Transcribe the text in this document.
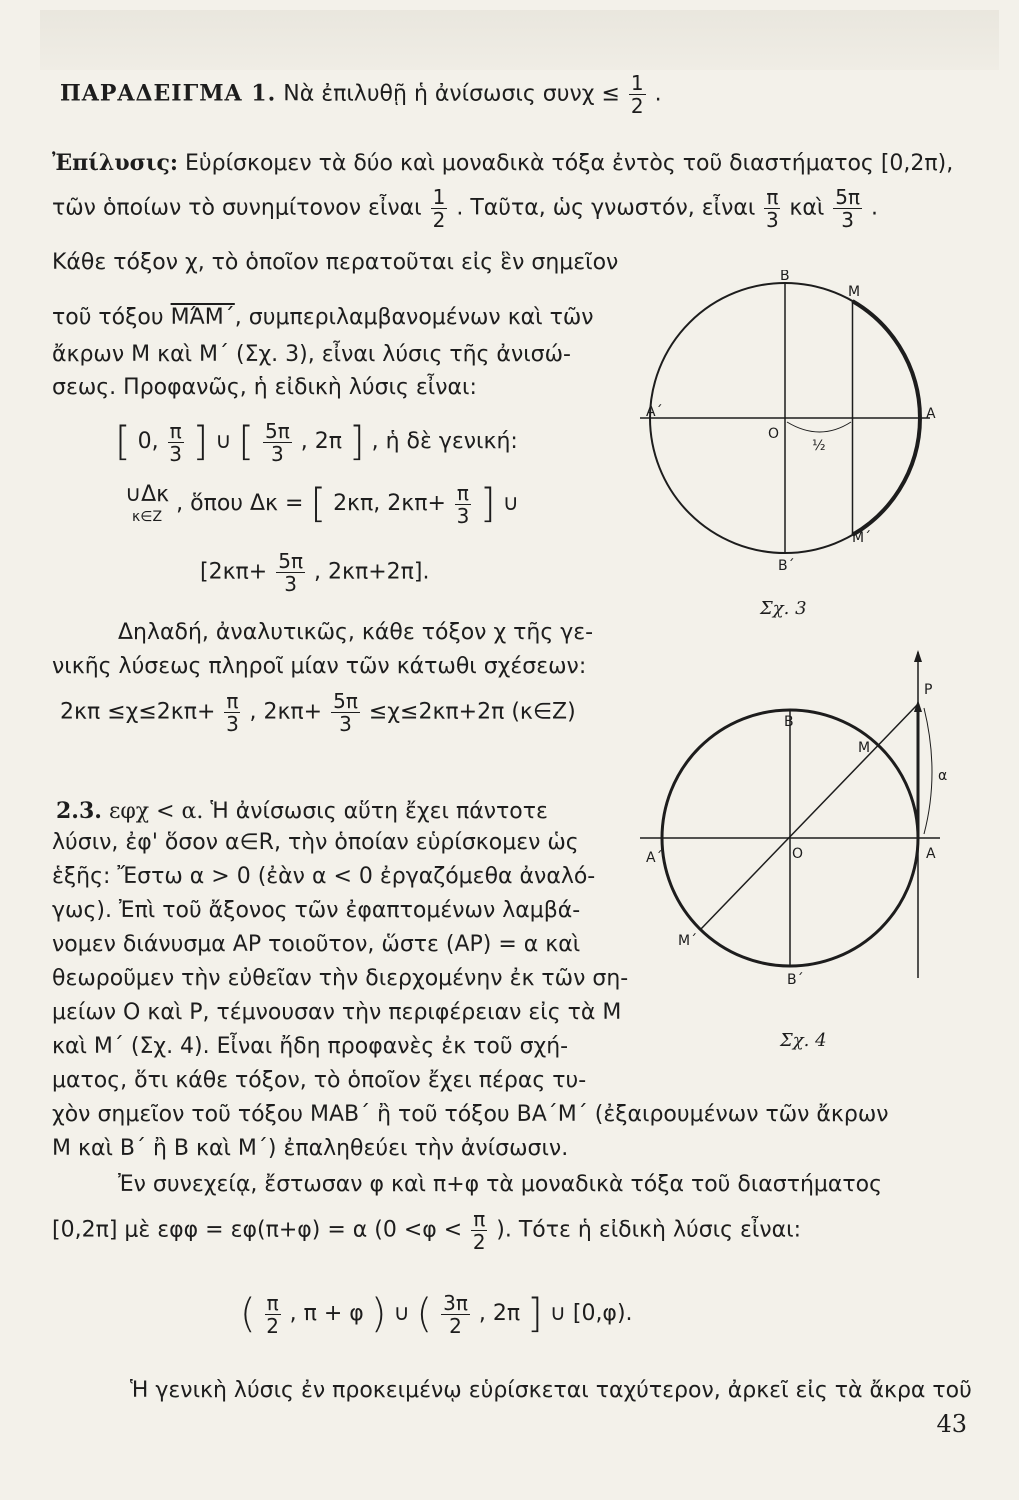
ΠΑΡΑΔΕΙΓΜΑ 1. Νὰ ἐπιλυθῇ ἡ ἀνίσωσις $\sigma\upsilon\nu\chi \le \frac{1}{2}$ .
Ἐπίλυσις: Εὑρίσκομεν τὰ δύο καὶ μοναδικὰ τόξα ἐντὸς τοῦ διαστήματος [0,2π),
τῶν ὁποίων τὸ συνημίτονον εἶναι $\frac{1}{2}$ . Ταῦτα, ὡς γνωστόν, εἶναι $\frac{\pi}{3}$ καὶ $\frac{5\pi}{3}$ .
Κάθε τόξον χ, τὸ ὁποῖον περατοῦται εἰς ἓν σημεῖον
τοῦ τόξου ΜΆΜ΄, συμπεριλαμβανομένων καὶ τῶν
ἄκρων Μ καὶ Μ΄ (Σχ. 3), εἶναι λύσις τῆς ἀνισώ-
σεως. Προφανῶς, ἡ εἰδικὴ λύσις εἶναι:
[ 0, $\frac{\pi}{3}$ ] ∪ [ $\frac{5\pi}{3}$ , 2π ] , ἡ δὲ γενική:
∪Δκ
κ∈Z
, ὅπου Δκ = [ 2κπ, $2\kappa\pi+ \frac{\pi}{3}$ ] ∪
[$2\kappa\pi+ \frac{5\pi}{3}$ , 2κπ+2π].
Δηλαδή, ἀναλυτικῶς, κάθε τόξον χ τῆς γε-
νικῆς λύσεως πληροῖ μίαν τῶν κάτωθι σχέσεων:
$2\kappa\pi \le\chi\le 2\kappa\pi+ \frac{\pi}{3}$ , $2\kappa\pi+ \frac{5\pi}{3} \le\chi\le 2\kappa\pi+2\pi$ (κ∈Z)
B
M
A΄	A
O
½
M΄
B΄
Σχ. 3
2.3. εφχ < α. Ἡ ἀνίσωσις αὕτη ἔχει πάντοτε
λύσιν, ἐφ' ὅσον α∈R, τὴν ὁποίαν εὑρίσκομεν ὡς
ἑξῆς: Ἔστω α > 0 (ἐὰν α < 0 ἐργαζόμεθα ἀναλό-
γως). Ἐπὶ τοῦ ἄξονος τῶν ἐφαπτομένων λαμβά-
νομεν διάνυσμα ΑΡ τοιοῦτον, ὥστε (ΑΡ) = α καὶ
θεωροῦμεν τὴν εὐθεῖαν τὴν διερχομένην ἐκ τῶν ση-
μείων Ο καὶ Ρ, τέμνουσαν τὴν περιφέρειαν εἰς τὰ Μ
καὶ Μ΄ (Σχ. 4). Εἶναι ἤδη προφανὲς ἐκ τοῦ σχή-
ματος, ὅτι κάθε τόξον, τὸ ὁποῖον ἔχει πέρας τυ-
χὸν σημεῖον τοῦ τόξου ΜΑΒ΄ ἢ τοῦ τόξου ΒΑ΄Μ΄ (ἐξαιρουμένων τῶν ἄκρων
Μ καὶ Β΄ ἢ Β καὶ Μ΄) ἐπαληθεύει τὴν ἀνίσωσιν.
Ἐν συνεχείᾳ, ἔστωσαν φ καὶ π+φ τὰ μοναδικὰ τόξα τοῦ διαστήματος
[0,2π] μὲ εφφ = εφ(π+φ) = α ($0 <\varphi < \frac{\pi}{2}$ ). Τότε ἡ εἰδικὴ λύσις εἶναι:
( $\frac{\pi}{2}$ , π + φ ) ∪ ( $\frac{3\pi}{2}$ , 2π ] ∪ [0,φ).
Ἡ γενικὴ λύσις ἐν προκειμένῳ εὑρίσκεται ταχύτερον, ἀρκεῖ εἰς τὰ ἄκρα τοῦ
P
B
M
α
A΄	A
O
M΄
B΄
Σχ. 4
43
